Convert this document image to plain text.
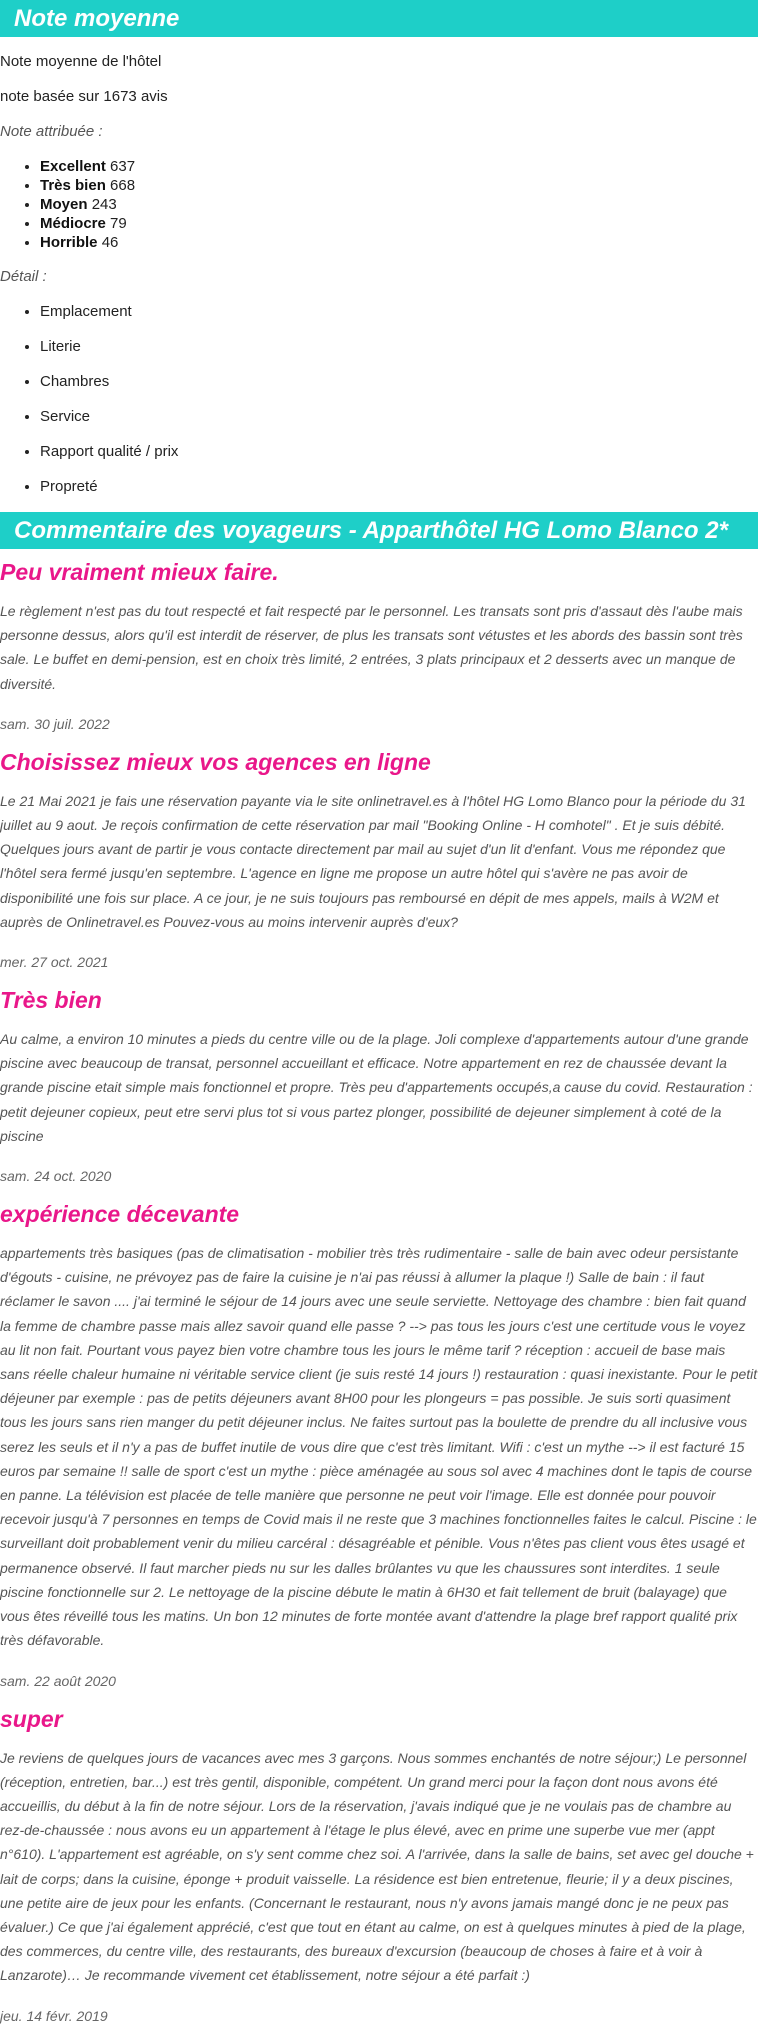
Note moyenne

Note moyenne de l'hôtel

note basée sur 1673 avis

Note attribuée :

• Excellent 637
• Très bien 668
• Moyen 243
• Médiocre 79
• Horrible 46

Détail :

• Emplacement
• Literie
• Chambres
• Service
• Rapport qualité / prix
• Propreté
Commentaire des voyageurs - Apparthôtel HG Lomo Blanco 2*
Peu vraiment mieux faire.

Le règlement n'est pas du tout respecté et fait respecté par le personnel. Les transats sont pris d'assaut dès l'aube mais personne dessus, alors qu'il est interdit de réserver, de plus les transats sont vétustes et les abords des bassin sont très sale. Le buffet en demi-pension, est en choix très limité, 2 entrées, 3 plats principaux et 2 desserts avec un manque de diversité.

sam. 30 juil. 2022

Choisissez mieux vos agences en ligne

Le 21 Mai 2021 je fais une réservation payante via le site onlinetravel.es à l'hôtel HG Lomo Blanco pour la période du 31 juillet au 9 aout. Je reçois confirmation de cette réservation par mail "Booking Online - H comhotel" . Et je suis débité. Quelques jours avant de partir je vous contacte directement par mail au sujet d'un lit d'enfant. Vous me répondez que l'hôtel sera fermé jusqu'en septembre. L'agence en ligne me propose un autre hôtel qui s'avère ne pas avoir de disponibilité une fois sur place. A ce jour, je ne suis toujours pas remboursé en dépit de mes appels, mails à W2M et auprès de Onlinetravel.es Pouvez-vous au moins intervenir auprès d'eux?

mer. 27 oct. 2021

Très bien

Au calme, a environ 10 minutes a pieds du centre ville ou de la plage. Joli complexe d'appartements autour d'une grande piscine avec beaucoup de transat, personnel accueillant et efficace. Notre appartement en rez de chaussée devant la grande piscine etait simple mais fonctionnel et propre. Très peu d'appartements occupés,a cause du covid. Restauration : petit dejeuner copieux, peut etre servi plus tot si vous partez plonger, possibilité de dejeuner simplement à coté de la piscine

sam. 24 oct. 2020

expérience décevante

appartements très basiques (pas de climatisation - mobilier très très rudimentaire - salle de bain avec odeur persistante d'égouts - cuisine, ne prévoyez pas de faire la cuisine je n'ai pas réussi à allumer la plaque !) Salle de bain : il faut réclamer le savon .... j'ai terminé le séjour de 14 jours avec une seule serviette. Nettoyage des chambre : bien fait quand la femme de chambre passe mais allez savoir quand elle passe ? --> pas tous les jours c'est une certitude vous le voyez au lit non fait. Pourtant vous payez bien votre chambre tous les jours le même tarif ? réception : accueil de base mais sans réelle chaleur humaine ni véritable service client (je suis resté 14 jours !) restauration : quasi inexistante. Pour le petit déjeuner par exemple : pas de petits déjeuners avant 8H00 pour les plongeurs = pas possible. Je suis sorti quasiment tous les jours sans rien manger du petit déjeuner inclus. Ne faites surtout pas la boulette de prendre du all inclusive vous serez les seuls et il n'y a pas de buffet inutile de vous dire que c'est très limitant. Wifi : c'est un mythe --> il est facturé 15 euros par semaine !! salle de sport c'est un mythe : pièce aménagée au sous sol avec 4 machines dont le tapis de course en panne. La télévision est placée de telle manière que personne ne peut voir l'image. Elle est donnée pour pouvoir recevoir jusqu'à 7 personnes en temps de Covid mais il ne reste que 3 machines fonctionnelles faites le calcul. Piscine : le surveillant doit probablement venir du milieu carcéral : désagréable et pénible. Vous n'êtes pas client vous êtes usagé et permanence observé. Il faut marcher pieds nu sur les dalles brûlantes vu que les chaussures sont interdites. 1 seule piscine fonctionnelle sur 2. Le nettoyage de la piscine débute le matin à 6H30 et fait tellement de bruit (balayage) que vous êtes réveillé tous les matins. Un bon 12 minutes de forte montée avant d'attendre la plage bref rapport qualité prix très défavorable.

sam. 22 août 2020

super

Je reviens de quelques jours de vacances avec mes 3 garçons. Nous sommes enchantés de notre séjour;) Le personnel (réception, entretien, bar...) est très gentil, disponible, compétent. Un grand merci pour la façon dont nous avons été accueillis, du début à la fin de notre séjour. Lors de la réservation, j'avais indiqué que je ne voulais pas de chambre au rez-de-chaussée : nous avons eu un appartement à l'étage le plus élevé, avec en prime une superbe vue mer (appt n°610). L'appartement est agréable, on s'y sent comme chez soi. A l'arrivée, dans la salle de bains, set avec gel douche + lait de corps; dans la cuisine, éponge + produit vaisselle. La résidence est bien entretenue, fleurie; il y a deux piscines, une petite aire de jeux pour les enfants. (Concernant le restaurant, nous n'y avons jamais mangé donc je ne peux pas évaluer.) Ce que j'ai également apprécié, c'est que tout en étant au calme, on est à quelques minutes à pied de la plage, des commerces, du centre ville, des restaurants, des bureaux d'excursion (beaucoup de choses à faire et à voir à Lanzarote)… Je recommande vivement cet établissement, notre séjour a été parfait :)

jeu. 14 févr. 2019
